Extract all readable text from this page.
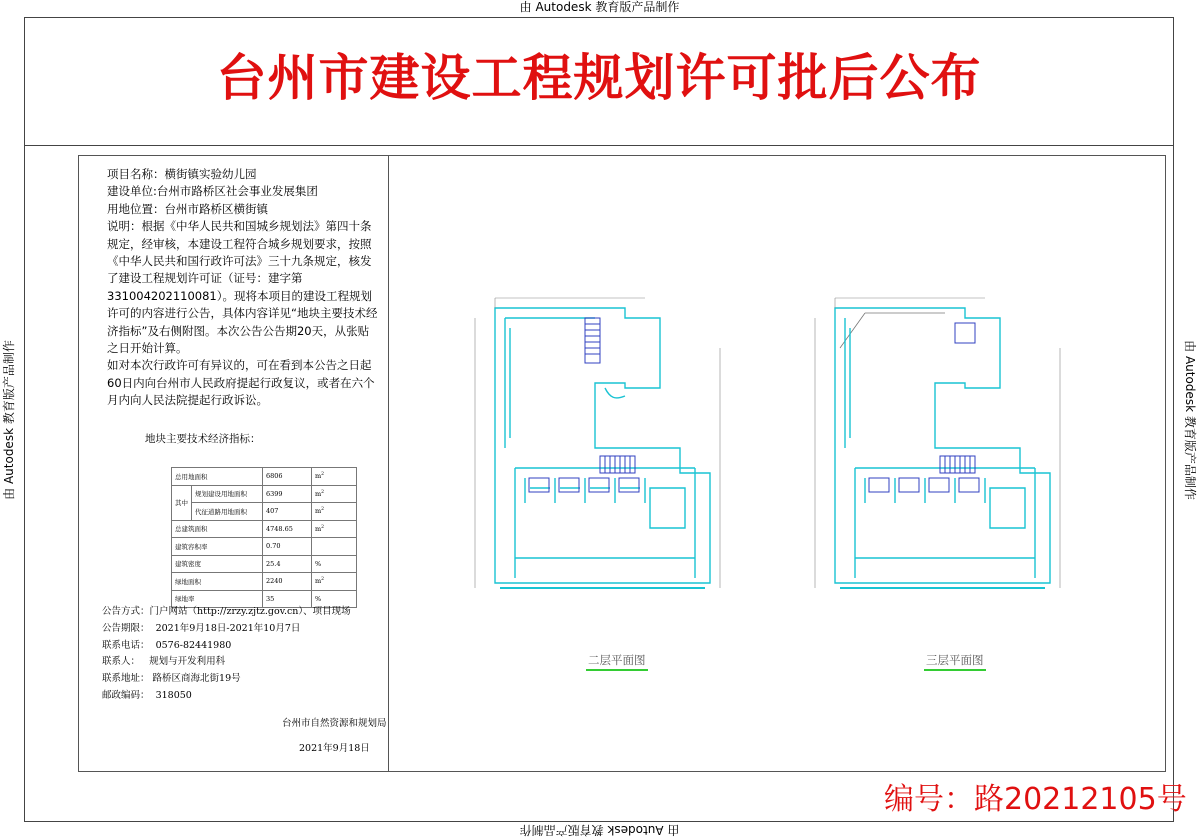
由 Autodesk 教育版产品制作
由 Autodesk 教育版产品制作
由 Autodesk 教育版产品制作	由 Autodesk 教育版产品制作
台州市建设工程规划许可批后公布

项目名称：横街镇实验幼儿园

建设单位:台州市路桥区社会事业发展集团

用地位置：台州市路桥区横街镇

说明：根据《中华人民共和国城乡规划法》第四十条规定，经审核，本建设工程符合城乡规划要求，按照《中华人民共和国行政许可法》三十九条规定，核发了建设工程规划许可证（证号：建字第331004202110081）。现将本项目的建设工程规划许可的内容进行公告，具体内容详见“地块主要技术经济指标”及右侧附图。本次公告公告期20天，从张贴之日开始计算。

如对本次行政许可有异议的，可在看到本公告之日起60日内向台州市人民政府提起行政复议，或者在六个月内向人民法院提起行政诉讼。

地块主要技术经济指标：
总用地面积		6806	$m^2$
其中	规划建设用地面积	6399	$m^2$
	代征道路用地面积	407	$m^2$
总建筑面积		4748.65	$m^2$
建筑容积率		0.70	
建筑密度		25.4	%
绿地面积		2240	$m^2$
绿地率		35	%
公告方式：门户网站（http://zrzy.zjtz.gov.cn）、项目现场
公告期限： 2021年9月18日-2021年10月7日
联系电话： 0576-82441980
联系人： 规划与开发利用科
联系地址： 路桥区商海北街19号
邮政编码： 318050
台州市自然资源和规划局
2021年9月18日
二层平面图	三层平面图
编号：路20212105号
